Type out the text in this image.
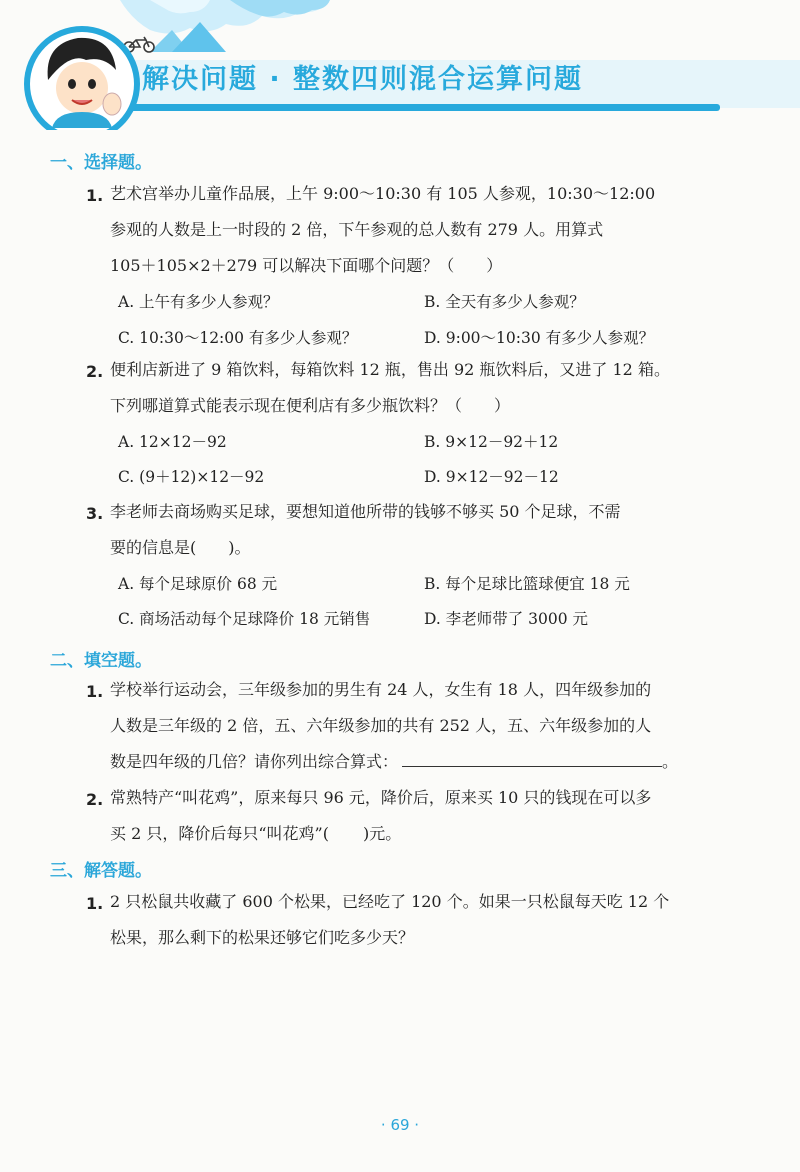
解决问题 · 整数四则混合运算问题
一、选择题。
1. 艺术宫举办儿童作品展，上午 9:00～10:30 有 105 人参观，10:30～12:00
参观的人数是上一时段的 2 倍，下午参观的总人数有 279 人。用算式
105＋105×2＋279 可以解决下面哪个问题？（　　）
A. 上午有多少人参观？	B. 全天有多少人参观？
C. 10:30～12:00 有多少人参观？	D. 9:00～10:30 有多少人参观？
2. 便利店新进了 9 箱饮料，每箱饮料 12 瓶，售出 92 瓶饮料后，又进了 12 箱。
下列哪道算式能表示现在便利店有多少瓶饮料？（　　）
A. 12×12－92	B. 9×12－92＋12
C. (9＋12)×12－92	D. 9×12－92－12
3. 李老师去商场购买足球，要想知道他所带的钱够不够买 50 个足球，不需
要的信息是(　　)。
A. 每个足球原价 68 元	B. 每个足球比篮球便宜 18 元
C. 商场活动每个足球降价 18 元销售	D. 李老师带了 3000 元
二、填空题。
1. 学校举行运动会，三年级参加的男生有 24 人，女生有 18 人，四年级参加的
人数是三年级的 2 倍，五、六年级参加的共有 252 人，五、六年级参加的人
数是四年级的几倍？请你列出综合算式：	。
2. 常熟特产“叫花鸡”，原来每只 96 元，降价后，原来买 10 只的钱现在可以多
买 2 只，降价后每只“叫花鸡”( )元。
三、解答题。
1. 2 只松鼠共收藏了 600 个松果，已经吃了 120 个。如果一只松鼠每天吃 12 个
松果，那么剩下的松果还够它们吃多少天？
· 69 ·
